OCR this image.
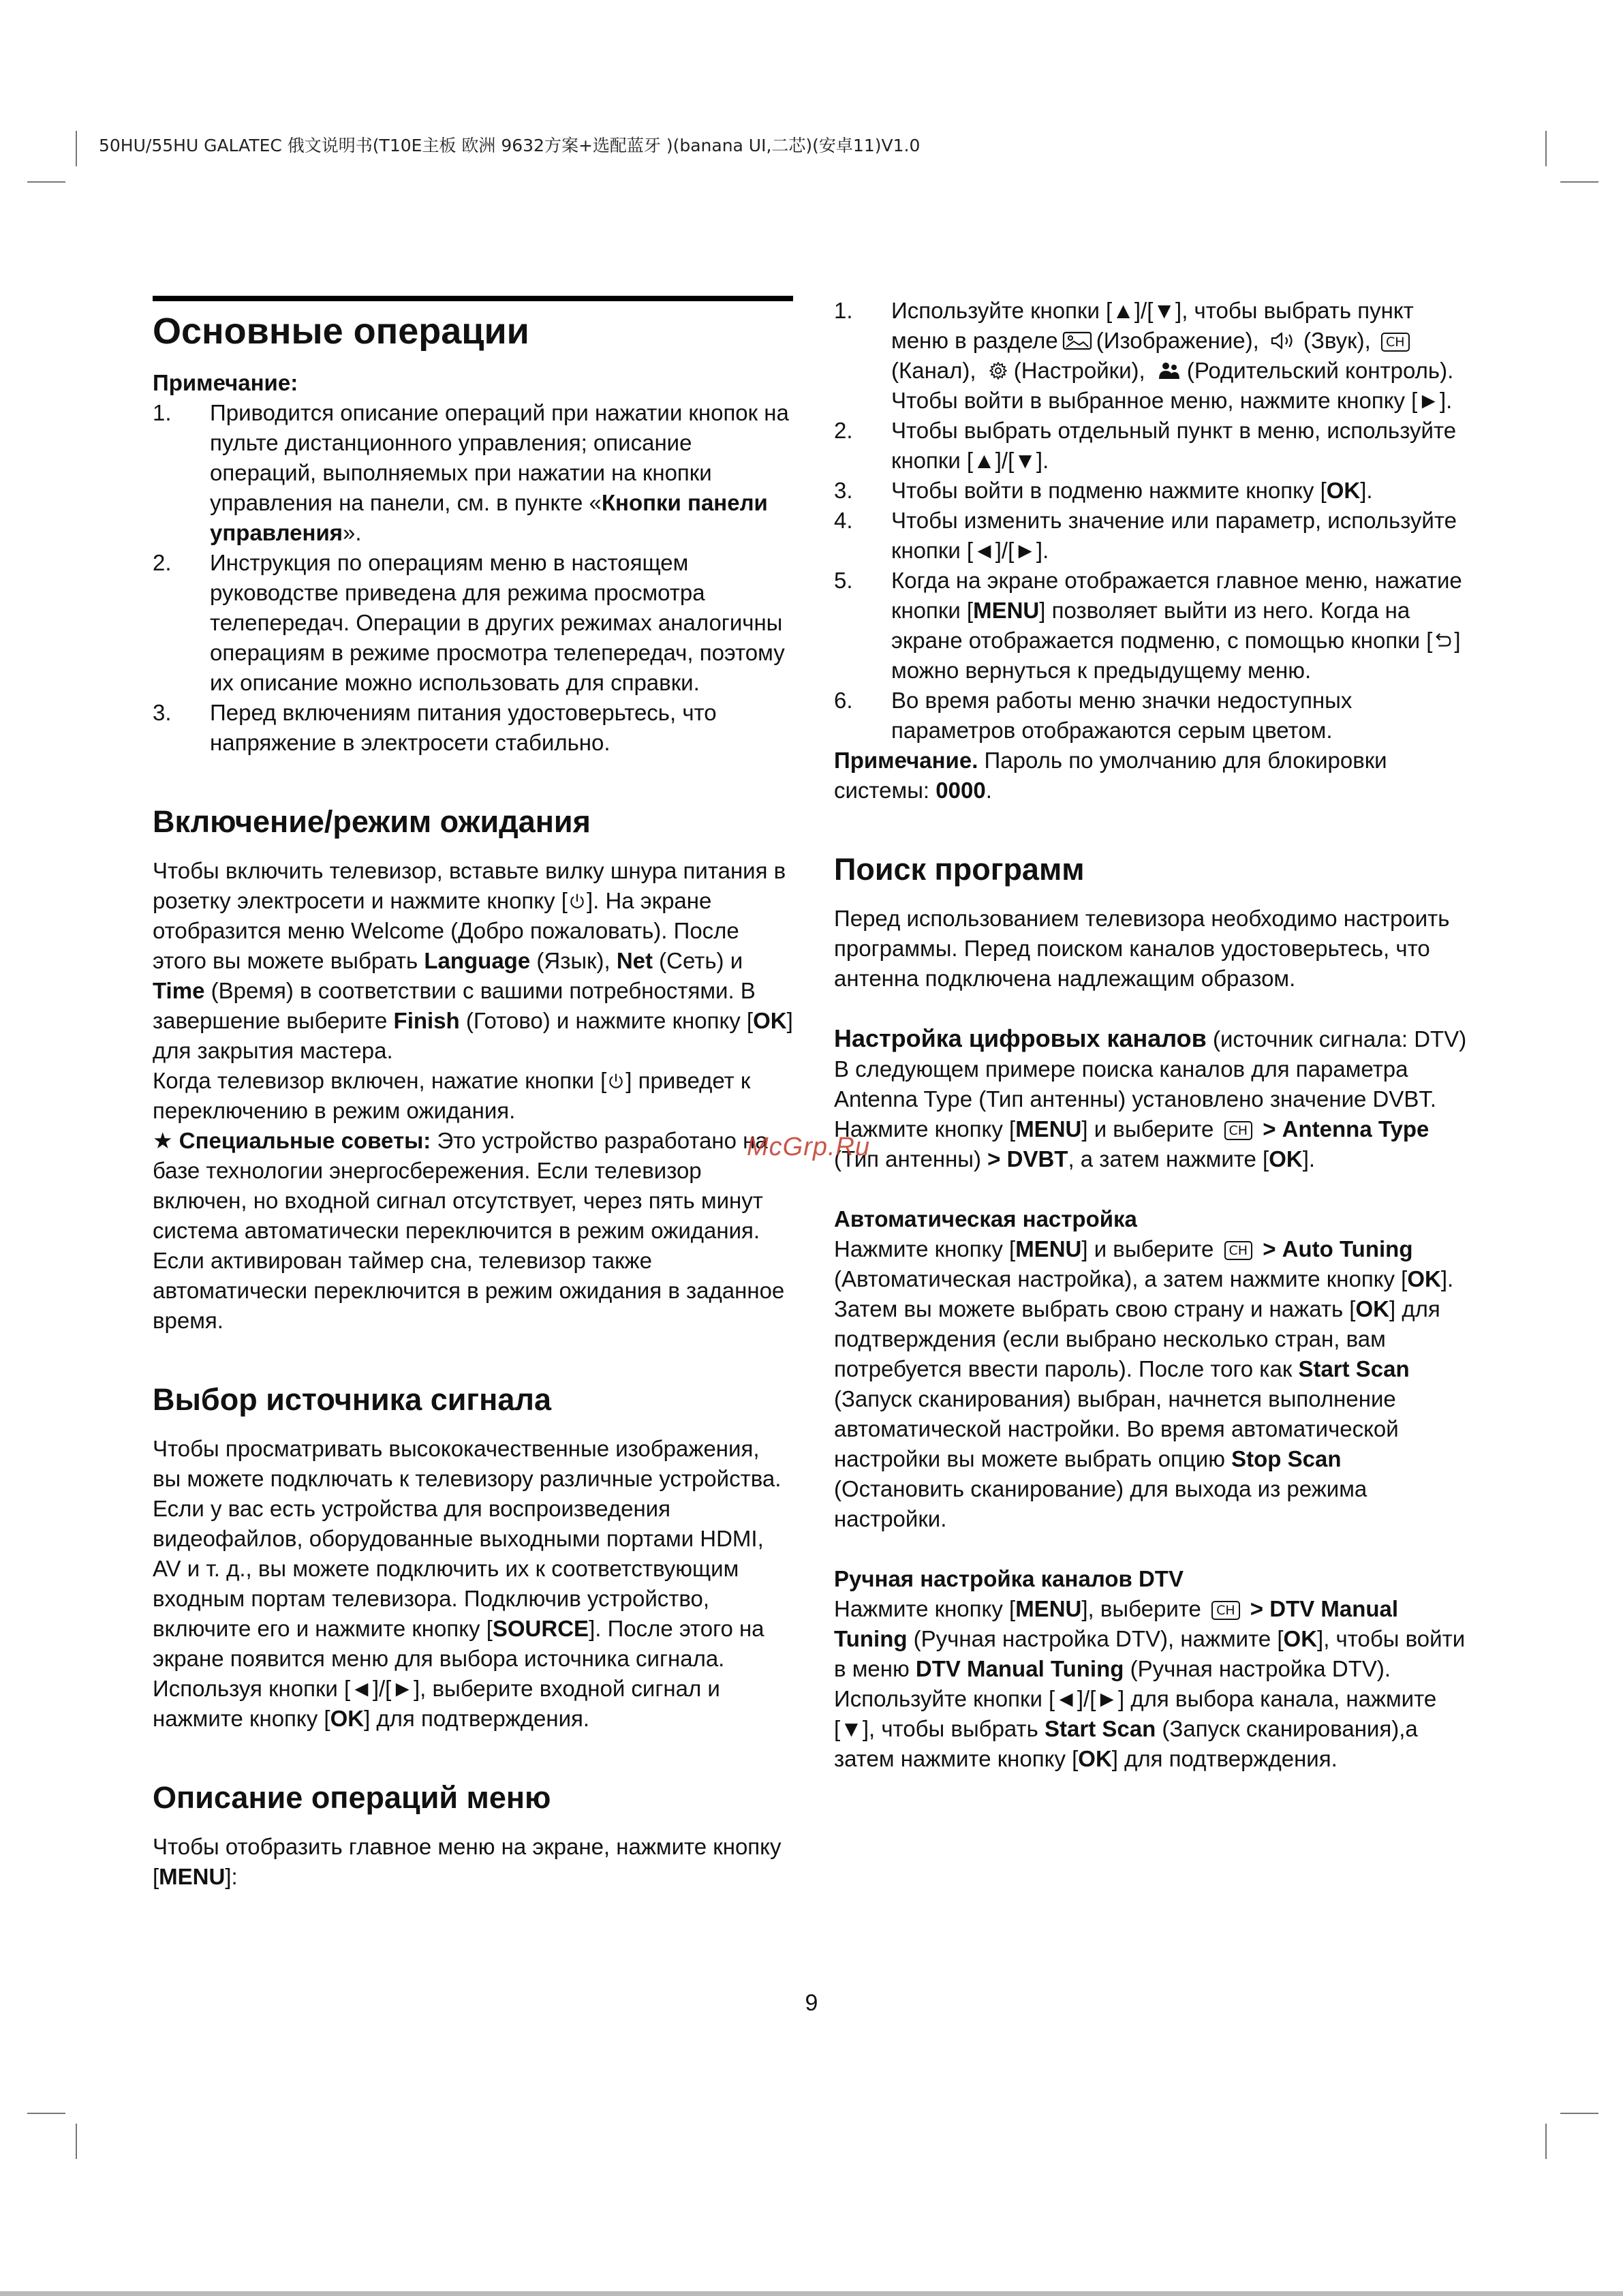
50HU/55HU GALATEC 俄文说明书(T10E主板 欧洲 9632方案+选配蓝牙 )(banana UI,二芯)(安卓11)V1.0
Основные операции

Примечание:

1. Приводится описание операций при нажатии кнопок на пульте дистанционного управления; описание операций, выполняемых при нажатии на кнопки управления на панели, см. в пункте «Кнопки панели управления».
2. Инструкция по операциям меню в настоящем руководстве приведена для режима просмотра телепередач. Операции в других режимах аналогичны операциям в режиме просмотра телепередач, поэтому их описание можно использовать для справки.
3. Перед включениям питания удостоверьтесь, что напряжение в электросети стабильно.
Включение/режим ожидания

Чтобы включить телевизор, вставьте вилку шнура питания в розетку электросети и нажмите кнопку [ ]. На экране отобразится меню Welcome (Добро пожаловать). После этого вы можете выбрать Language (Язык), Net (Сеть) и Time (Время) в соответствии с вашими потребностями. В завершение выберите Finish (Готово) и нажмите кнопку [OK] для закрытия мастера.

Когда телевизор включен, нажатие кнопки [ ] приведет к переключению в режим ожидания.

★ Специальные советы: Это устройство разработано на базе технологии энергосбережения. Если телевизор включен, но входной сигнал отсутствует, через пять минут система автоматически переключится в режим ожидания. Если активирован таймер сна, телевизор также автоматически переключится в режим ожидания в заданное время.

Выбор источника сигнала

Чтобы просматривать высококачественные изображения, вы можете подключать к телевизору различные устройства. Если у вас есть устройства для воспроизведения видеофайлов, оборудованные выходными портами HDMI, AV и т. д., вы можете подключить их к соответствующим входным портам телевизора. Подключив устройство, включите его и нажмите кнопку [SOURCE]. После этого на экране появится меню для выбора источника сигнала. Используя кнопки [◄]/[►], выберите входной сигнал и нажмите кнопку [OK] для подтверждения.

Описание операций меню

Чтобы отобразить главное меню на экране, нажмите кнопку [MENU]:

1. Используйте кнопки [▲]/[▼], чтобы выбрать пункт меню в разделе (Изображение), (Звук), CH(Канал), (Настройки), (Родительский контроль). Чтобы войти в выбранное меню, нажмите кнопку [►].
2. Чтобы выбрать отдельный пункт в меню, используйте кнопки [▲]/[▼].
3. Чтобы войти в подменю нажмите кнопку [OK].
4. Чтобы изменить значение или параметр, используйте кнопки [◄]/[►].
5. Когда на экране отображается главное меню, нажатие кнопки [MENU] позволяет выйти из него. Когда на экране отображается подменю, с помощью кнопки [ ] можно вернуться к предыдущему меню.
6. Во время работы меню значки недоступных параметров отображаются серым цветом.

Примечание. Пароль по умолчанию для блокировки системы: 0000.

Поиск программ

Перед использованием телевизора необходимо настроить программы. Перед поиском каналов удостоверьтесь, что антенна подключена надлежащим образом.

Настройка цифровых каналов (источник сигнала: DTV)

В следующем примере поиска каналов для параметра Antenna Type (Тип антенны) установлено значение DVBT.

Нажмите кнопку [MENU] и выберите CH > Antenna Type (Тип антенны) > DVBT, а затем нажмите [OK].

Автоматическая настройка

Нажмите кнопку [MENU] и выберите CH > Auto Tuning (Автоматическая настройка), а затем нажмите кнопку [OK]. Затем вы можете выбрать свою страну и нажать [OK] для подтверждения (если выбрано несколько стран, вам потребуется ввести пароль). После того как Start Scan (Запуск сканирования) выбран, начнется выполнение автоматической настройки. Во время автоматической настройки вы можете выбрать опцию Stop Scan (Остановить сканирование) для выхода из режима настройки.

Ручная настройка каналов DTV

Нажмите кнопку [MENU], выберите CH > DTV Manual Tuning (Ручная настройка DTV), нажмите [OK], чтобы войти в меню DTV Manual Tuning (Ручная настройка DTV). Используйте кнопки [◄]/[►] для выбора канала, нажмите [▼], чтобы выбрать Start Scan (Запуск сканирования),а затем нажмите кнопку [OK] для подтверждения.

McGrp.Ru
9
